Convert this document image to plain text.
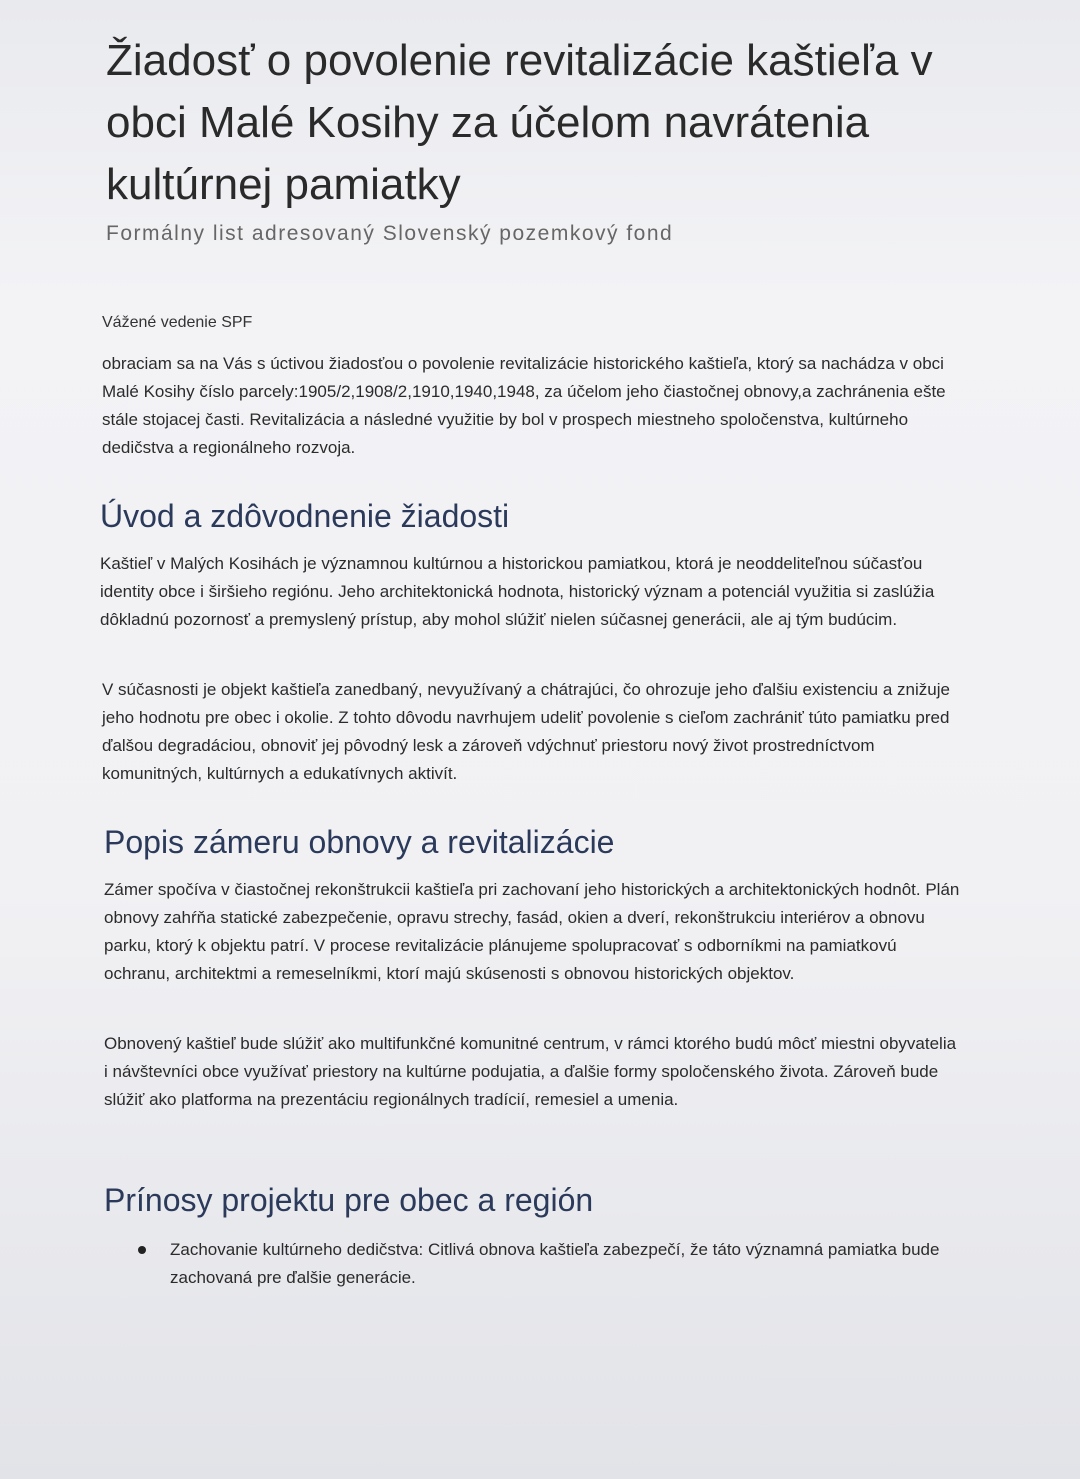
Žiadosť o povolenie revitalizácie kaštieľa v obci Malé Kosihy za účelom navrátenia kultúrnej pamiatky

Formálny list adresovaný Slovenský pozemkový fond

Vážené vedenie SPF

obraciam sa na Vás s úctivou žiadosťou o povolenie revitalizácie historického kaštieľa, ktorý sa nachádza v obci Malé Kosihy číslo parcely:1905/2,1908/2,1910,1940,1948, za účelom jeho čiastočnej obnovy,a zachránenia ešte stále stojacej časti. Revitalizácia a následné využitie by bol v prospech miestneho spoločenstva, kultúrneho dedičstva a regionálneho rozvoja.

Úvod a zdôvodnenie žiadosti

Kaštieľ v Malých Kosihách je významnou kultúrnou a historickou pamiatkou, ktorá je neoddeliteľnou súčasťou identity obce i širšieho regiónu. Jeho architektonická hodnota, historický význam a potenciál využitia si zaslúžia dôkladnú pozornosť a premyslený prístup, aby mohol slúžiť nielen súčasnej generácii, ale aj tým budúcim.

V súčasnosti je objekt kaštieľa zanedbaný, nevyužívaný a chátrajúci, čo ohrozuje jeho ďalšiu existenciu a znižuje jeho hodnotu pre obec i okolie. Z tohto dôvodu navrhujem udeliť povolenie s cieľom zachrániť túto pamiatku pred ďalšou degradáciou, obnoviť jej pôvodný lesk a zároveň vdýchnuť priestoru nový život prostredníctvom komunitných, kultúrnych a edukatívnych aktivít.

Popis zámeru obnovy a revitalizácie

Zámer spočíva v čiastočnej rekonštrukcii kaštieľa pri zachovaní jeho historických a architektonických hodnôt. Plán obnovy zahŕňa statické zabezpečenie, opravu strechy, fasád, okien a dverí, rekonštrukciu interiérov a obnovu parku, ktorý k objektu patrí. V procese revitalizácie plánujeme spolupracovať s odborníkmi na pamiatkovú ochranu, architektmi a remeselníkmi, ktorí majú skúsenosti s obnovou historických objektov.

Obnovený kaštieľ bude slúžiť ako multifunkčné komunitné centrum, v rámci ktorého budú môcť miestni obyvatelia i návštevníci obce využívať priestory na kultúrne podujatia, a ďalšie formy spoločenského života. Zároveň bude slúžiť ako platforma na prezentáciu regionálnych tradícií, remesiel a umenia.

Prínosy projektu pre obec a región
Zachovanie kultúrneho dedičstva: Citlivá obnova kaštieľa zabezpečí, že táto významná pamiatka bude zachovaná pre ďalšie generácie.
